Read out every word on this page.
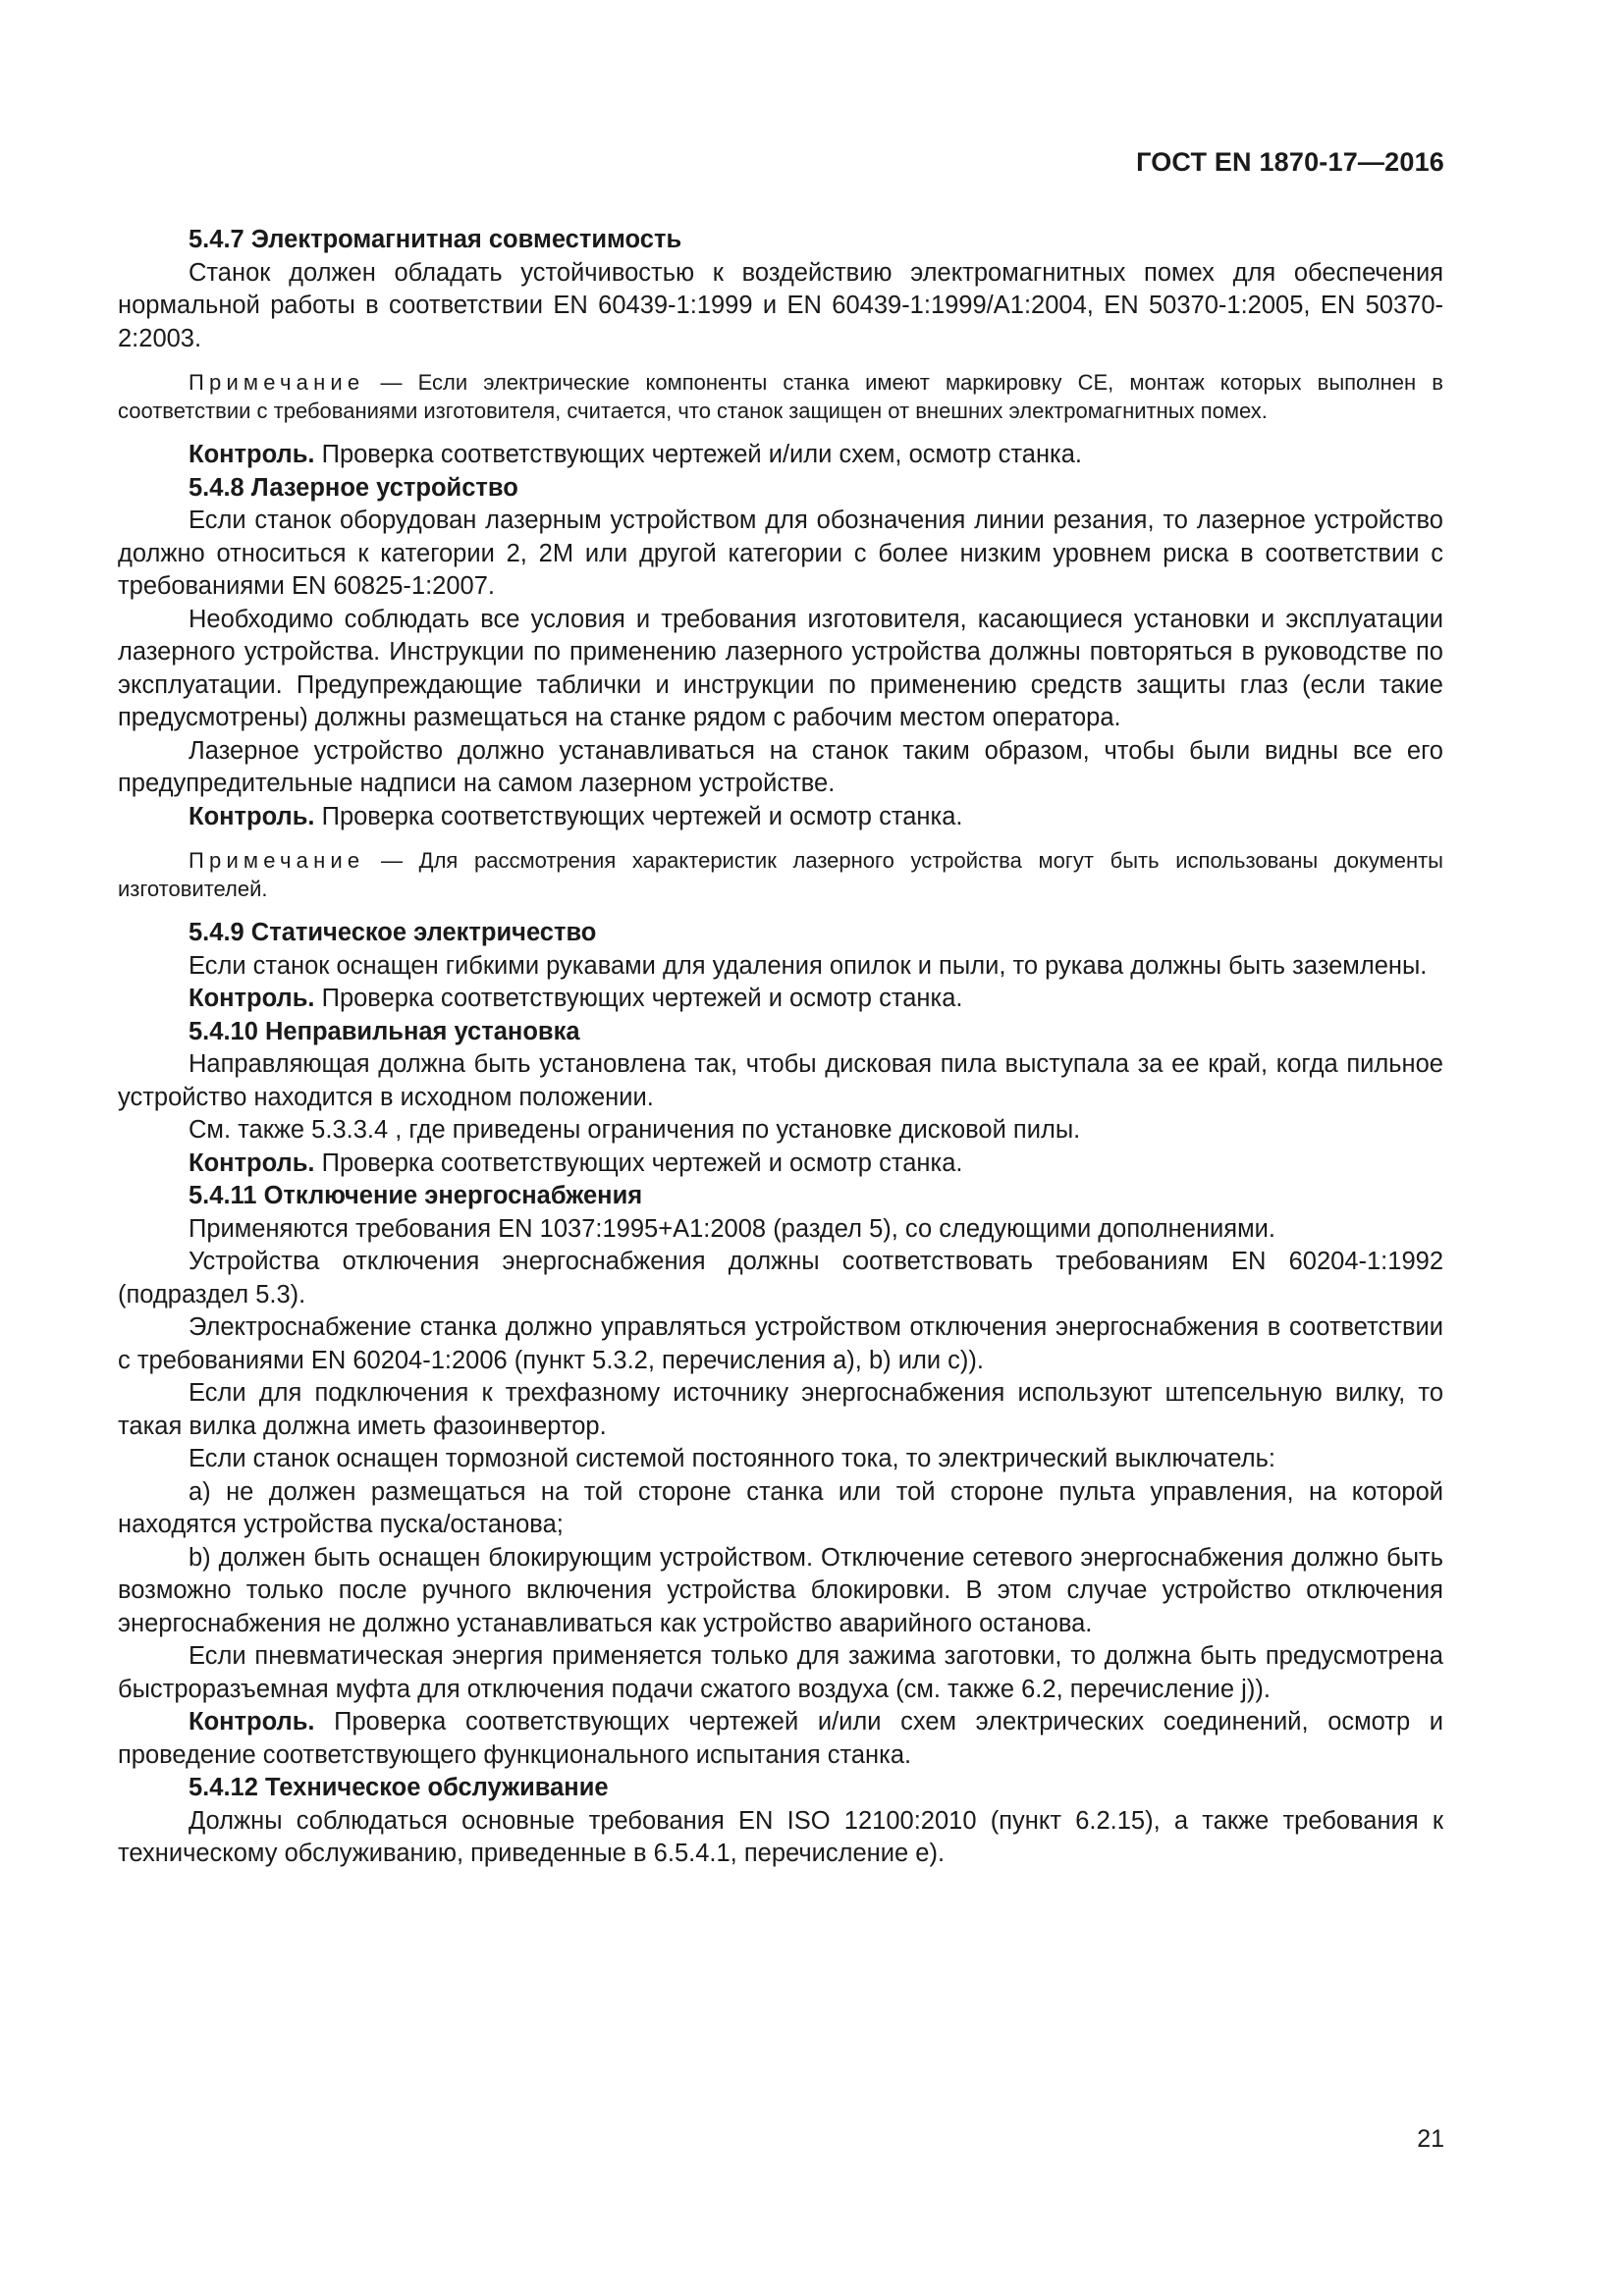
ГОСТ EN 1870-17—2016
5.4.7 Электромагнитная совместимость

Станок должен обладать устойчивостью к воздействию электромагнитных помех для обеспечения нормальной работы в соответствии EN 60439-1:1999 и EN 60439-1:1999/A1:2004, EN 50370-1:2005, EN 50370-2:2003.

Примечание — Если электрические компоненты станка имеют маркировку CE, монтаж которых выполнен в соответствии с требованиями изготовителя, считается, что станок защищен от внешних электромагнитных помех.

Контроль. Проверка соответствующих чертежей и/или схем, осмотр станка.

5.4.8 Лазерное устройство

Если станок оборудован лазерным устройством для обозначения линии резания, то лазерное устройство должно относиться к категории 2, 2М или другой категории с более низким уровнем риска в соответствии с требованиями EN 60825-1:2007.

Необходимо соблюдать все условия и требования изготовителя, касающиеся установки и эксплуатации лазерного устройства. Инструкции по применению лазерного устройства должны повторяться в руководстве по эксплуатации. Предупреждающие таблички и инструкции по применению средств защиты глаз (если такие предусмотрены) должны размещаться на станке рядом с рабочим местом оператора.

Лазерное устройство должно устанавливаться на станок таким образом, чтобы были видны все его предупредительные надписи на самом лазерном устройстве.

Контроль. Проверка соответствующих чертежей и осмотр станка.

Примечание — Для рассмотрения характеристик лазерного устройства могут быть использованы документы изготовителей.
5.4.9 Статическое электричество

Если станок оснащен гибкими рукавами для удаления опилок и пыли, то рукава должны быть заземлены.

Контроль. Проверка соответствующих чертежей и осмотр станка.

5.4.10 Неправильная установка

Направляющая должна быть установлена так, чтобы дисковая пила выступала за ее край, когда пильное устройство находится в исходном положении.

См. также 5.3.3.4 , где приведены ограничения по установке дисковой пилы.

Контроль. Проверка соответствующих чертежей и осмотр станка.

5.4.11 Отключение энергоснабжения

Применяются требования EN 1037:1995+A1:2008 (раздел 5), со следующими дополнениями.

Устройства отключения энергоснабжения должны соответствовать требованиям EN 60204-1:1992 (подраздел 5.3).

Электроснабжение станка должно управляться устройством отключения энергоснабжения в соответствии с требованиями EN 60204-1:2006 (пункт 5.3.2, перечисления a), b) или c)).

Если для подключения к трехфазному источнику энергоснабжения используют штепсельную вилку, то такая вилка должна иметь фазоинвертор.

Если станок оснащен тормозной системой постоянного тока, то электрический выключатель:

a) не должен размещаться на той стороне станка или той стороне пульта управления, на которой находятся устройства пуска/останова;

b) должен быть оснащен блокирующим устройством. Отключение сетевого энергоснабжения должно быть возможно только после ручного включения устройства блокировки. В этом случае устройство отключения энергоснабжения не должно устанавливаться как устройство аварийного останова.

Если пневматическая энергия применяется только для зажима заготовки, то должна быть предусмотрена быстроразъемная муфта для отключения подачи сжатого воздуха (см. также 6.2, перечисление j)).

Контроль. Проверка соответствующих чертежей и/или схем электрических соединений, осмотр и проведение соответствующего функционального испытания станка.

5.4.12 Техническое обслуживание

Должны соблюдаться основные требования EN ISO 12100:2010 (пункт 6.2.15), а также требования к техническому обслуживанию, приведенные в 6.5.4.1, перечисление e).

21
